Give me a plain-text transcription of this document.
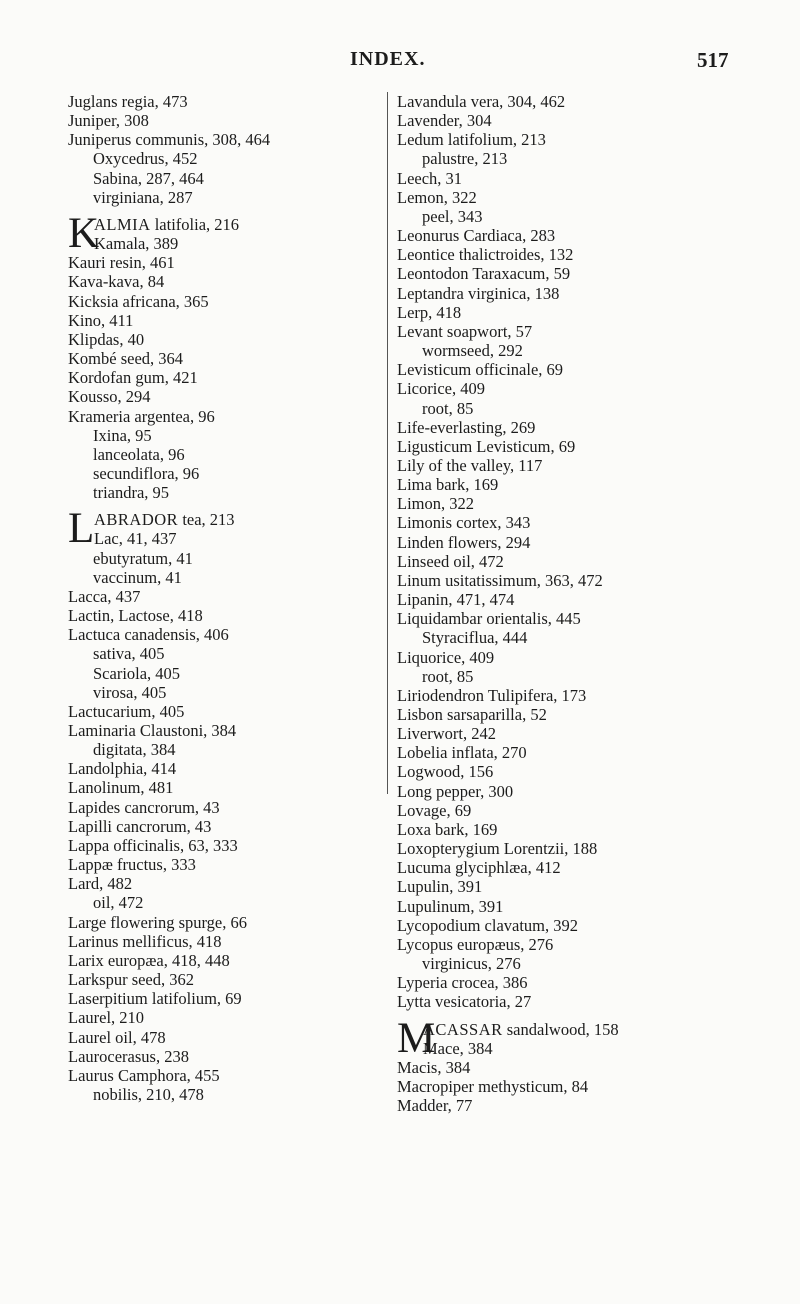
INDEX.	517
Juglans regia, 473
Juniper, 308
Juniperus communis, 308, 464
Oxycedrus, 452
Sabina, 287, 464
virginiana, 287
K
ALMIA latifolia, 216
Kamala, 389
Kauri resin, 461
Kava-kava, 84
Kicksia africana, 365
Kino, 411
Klipdas, 40
Kombé seed, 364
Kordofan gum, 421
Kousso, 294
Krameria argentea, 96
Ixina, 95
lanceolata, 96
secundiflora, 96
triandra, 95
L ABRADOR tea, 213
Lac, 41, 437
ebutyratum, 41
vaccinum, 41
Lacca, 437
Lactin, Lactose, 418
Lactuca canadensis, 406
sativa, 405
Scariola, 405
virosa, 405
Lactucarium, 405
Laminaria Claustoni, 384
digitata, 384
Landolphia, 414
Lanolinum, 481
Lapides cancrorum, 43
Lapilli cancrorum, 43
Lappa officinalis, 63, 333
Lappæ fructus, 333
Lard, 482
oil, 472
Large flowering spurge, 66
Larinus mellificus, 418
Larix europæa, 418, 448
Larkspur seed, 362
Laserpitium latifolium, 69
Laurel, 210
Laurel oil, 478
Laurocerasus, 238
Laurus Camphora, 455
nobilis, 210, 478
Lavandula vera, 304, 462
Lavender, 304
Ledum latifolium, 213
palustre, 213
Leech, 31
Lemon, 322
peel, 343
Leonurus Cardiaca, 283
Leontice thalictroides, 132
Leontodon Taraxacum, 59
Leptandra virginica, 138
Lerp, 418
Levant soapwort, 57
wormseed, 292
Levisticum officinale, 69
Licorice, 409
root, 85
Life-everlasting, 269
Ligusticum Levisticum, 69
Lily of the valley, 117
Lima bark, 169
Limon, 322
Limonis cortex, 343
Linden flowers, 294
Linseed oil, 472
Linum usitatissimum, 363, 472
Lipanin, 471, 474
Liquidambar orientalis, 445
Styraciflua, 444
Liquorice, 409
root, 85
Liriodendron Tulipifera, 173
Lisbon sarsaparilla, 52
Liverwort, 242
Lobelia inflata, 270
Logwood, 156
Long pepper, 300
Lovage, 69
Loxa bark, 169
Loxopterygium Lorentzii, 188
Lucuma glyciphlæa, 412
Lupulin, 391
Lupulinum, 391
Lycopodium clavatum, 392
Lycopus europæus, 276
virginicus, 276
Lyperia crocea, 386
Lytta vesicatoria, 27
M
ACASSAR sandalwood, 158
Mace, 384
Macis, 384
Macropiper methysticum, 84
Madder, 77
